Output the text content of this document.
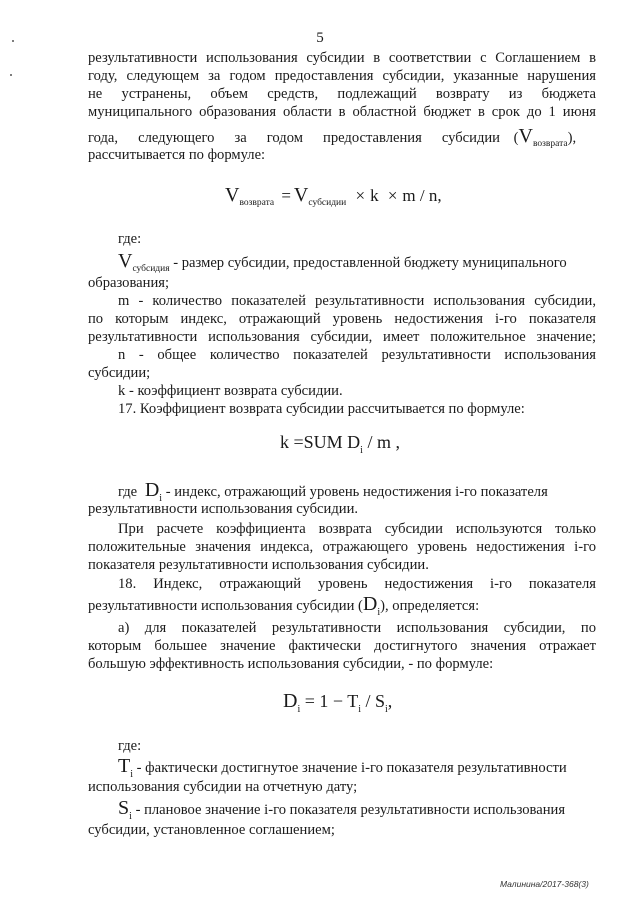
5
результативности использования субсидии в соответствии с Соглашением в
году, следующем за годом предоставления субсидии, указанные нарушения
не устранены, объем средств, подлежащий возврату из бюджета
муниципального образования области в областной бюджет в срок до 1 июня
года, следующего за годом предоставления субсидии $(V_{возврата})$,
рассчитывается по формуле:
$V_{возврата} = V_{субсидии} \times k \times m / n$,
где:
$V_{субсидия}$ - размер субсидии, предоставленной бюджету муниципального
образования;
m - количество показателей результативности использования субсидии,
по которым индекс, отражающий уровень недостижения i-го показателя
результативности использования субсидии, имеет положительное значение;
n - общее количество показателей результативности использования
субсидии;
k - коэффициент возврата субсидии.
17. Коэффициент возврата субсидии рассчитывается по формуле:
k =SUM $D_i$ / m ,
где $D_i$ - индекс, отражающий уровень недостижения i-го показателя
результативности использования субсидии.
При расчете коэффициента возврата субсидии используются только
положительные значения индекса, отражающего уровень недостижения i-го
показателя результативности использования субсидии.
18. Индекс, отражающий уровень недостижения i-го показателя
результативности использования субсидии $(D_i)$, определяется:
а) для показателей результативности использования субсидии, по
которым большее значение фактически достигнутого значения отражает
большую эффективность использования субсидии, - по формуле:
$D_i = 1 - T_i / S_i$,
где:
$T_i$ - фактически достигнутое значение i-го показателя результативности
использования субсидии на отчетную дату;
$S_i$ - плановое значение i-го показателя результативности использования
субсидии, установленное соглашением;
Малинина/2017-368(3)
